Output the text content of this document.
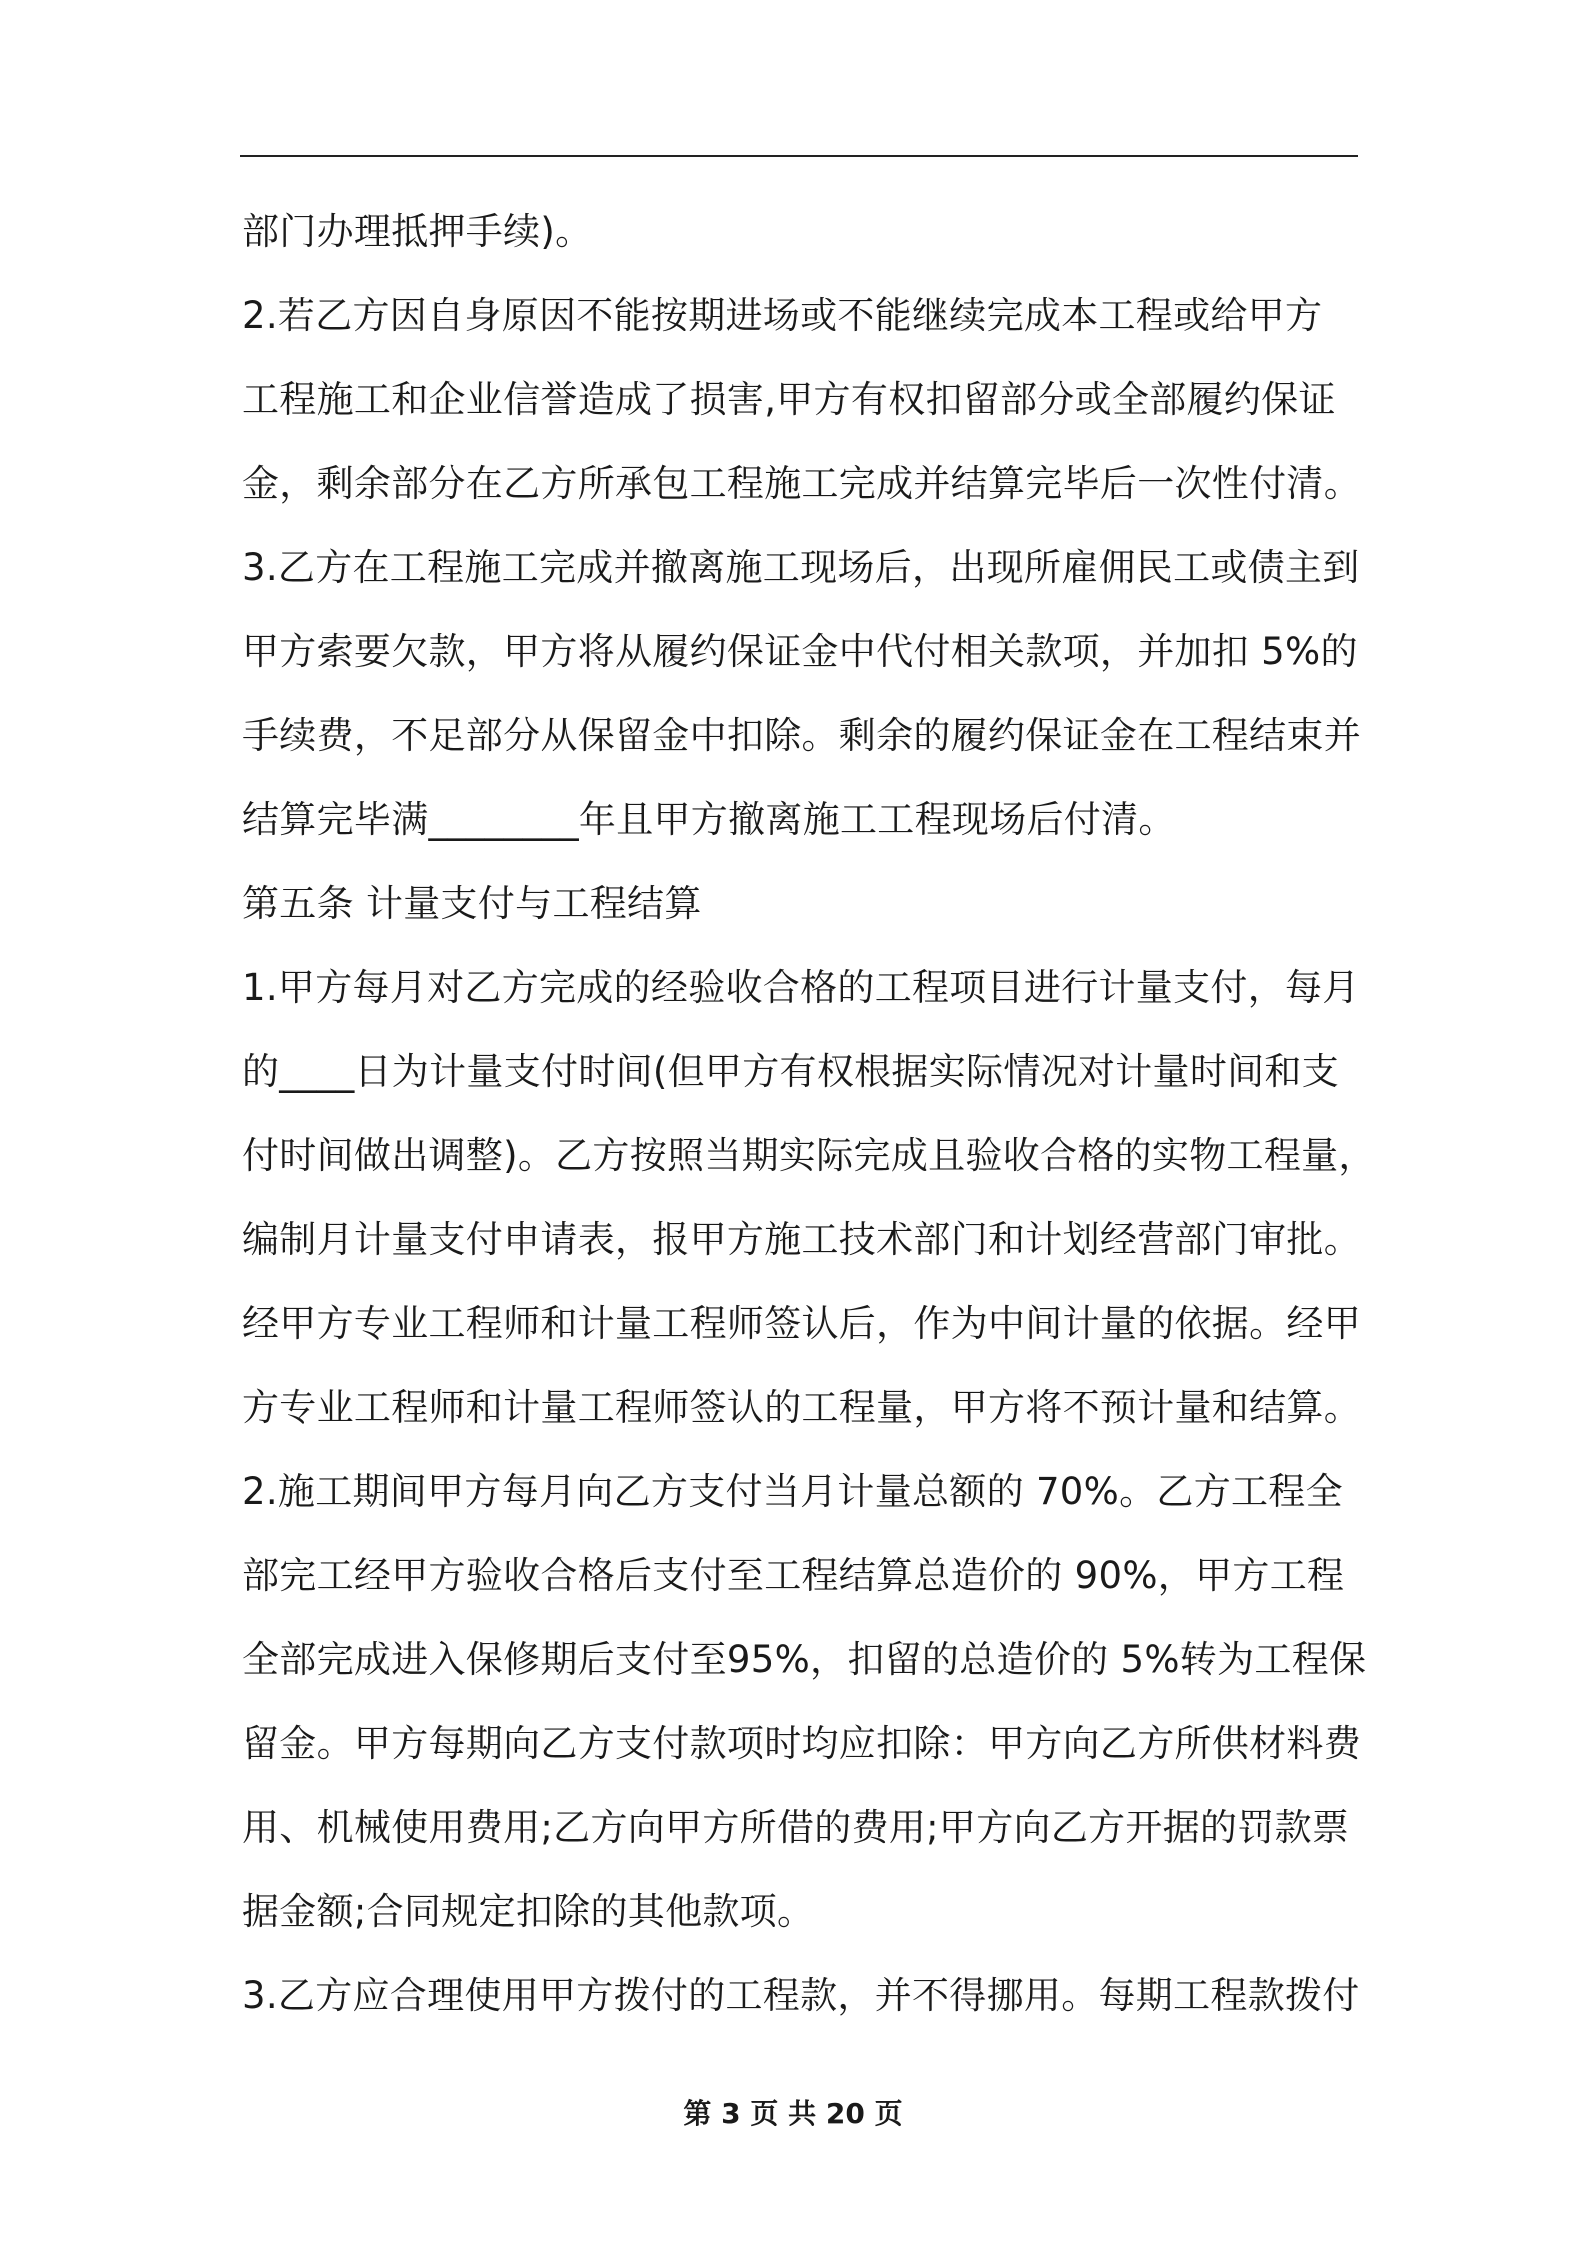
部门办理抵押手续)。
2.若乙方因自身原因不能按期进场或不能继续完成本工程或给甲方
工程施工和企业信誉造成了损害,甲方有权扣留部分或全部履约保证
金，剩余部分在乙方所承包工程施工完成并结算完毕后一次性付清。
3.乙方在工程施工完成并撤离施工现场后，出现所雇佣民工或债主到
甲方索要欠款，甲方将从履约保证金中代付相关款项，并加扣 5%的
手续费，不足部分从保留金中扣除。剩余的履约保证金在工程结束并
结算完毕满________年且甲方撤离施工工程现场后付清。
第五条 计量支付与工程结算
1.甲方每月对乙方完成的经验收合格的工程项目进行计量支付，每月
的____日为计量支付时间(但甲方有权根据实际情况对计量时间和支
付时间做出调整)。乙方按照当期实际完成且验收合格的实物工程量，
编制月计量支付申请表，报甲方施工技术部门和计划经营部门审批。
经甲方专业工程师和计量工程师签认后，作为中间计量的依据。经甲
方专业工程师和计量工程师签认的工程量，甲方将不预计量和结算。
2.施工期间甲方每月向乙方支付当月计量总额的 70%。乙方工程全
部完工经甲方验收合格后支付至工程结算总造价的 90%，甲方工程
全部完成进入保修期后支付至95%，扣留的总造价的 5%转为工程保
留金。甲方每期向乙方支付款项时均应扣除：甲方向乙方所供材料费
用、机械使用费用;乙方向甲方所借的费用;甲方向乙方开据的罚款票
据金额;合同规定扣除的其他款项。
3.乙方应合理使用甲方拨付的工程款，并不得挪用。每期工程款拨付
第 3 页 共 20 页
